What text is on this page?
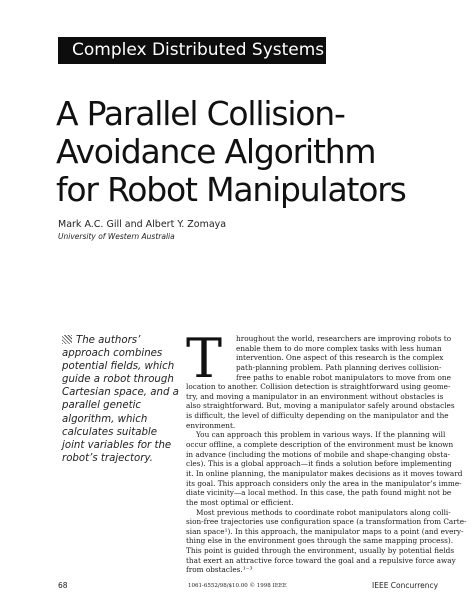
Complex Distributed Systems
A Parallel Collision-
Avoidance Algorithm
for Robot Manipulators
Mark A.C. Gill and Albert Y. Zomaya
University of Western Australia
The authors’
approach combines
potential fields, which
guide a robot through
Cartesian space, and a
parallel genetic
algorithm, which
calculates suitable
joint variables for the
robot’s trajectory.
T	hroughout the world, researchers are improving robots to
enable them to do more complex tasks with less human
intervention. One aspect of this research is the complex
path-planning problem. Path planning derives collision-
free paths to enable robot manipulators to move from one
location to another. Collision detection is straightforward using geome-
try, and moving a manipulator in an environment without obstacles is
also straightforward. But, moving a manipulator safely around obstacles
is difficult, the level of difficulty depending on the manipulator and the
environment.
You can approach this problem in various ways. If the planning will
occur offline, a complete description of the environment must be known
in advance (including the motions of mobile and shape-changing obsta-
cles). This is a global approach—it finds a solution before implementing
it. In online planning, the manipulator makes decisions as it moves toward
its goal. This approach considers only the area in the manipulator’s imme-
diate vicinity—a local method. In this case, the path found might not be
the most optimal or efficient.
Most previous methods to coordinate robot manipulators along colli-
sion-free trajectories use configuration space (a transformation from Carte-
sian space¹). In this approach, the manipulator maps to a point (and every-
thing else in the environment goes through the same mapping process).
This point is guided through the environment, usually by potential fields
that exert an attractive force toward the goal and a repulsive force away
from obstacles.¹⁻³
68	1061-6552/98/$10.00 © 1998 IEEE	IEEE Concurrency
